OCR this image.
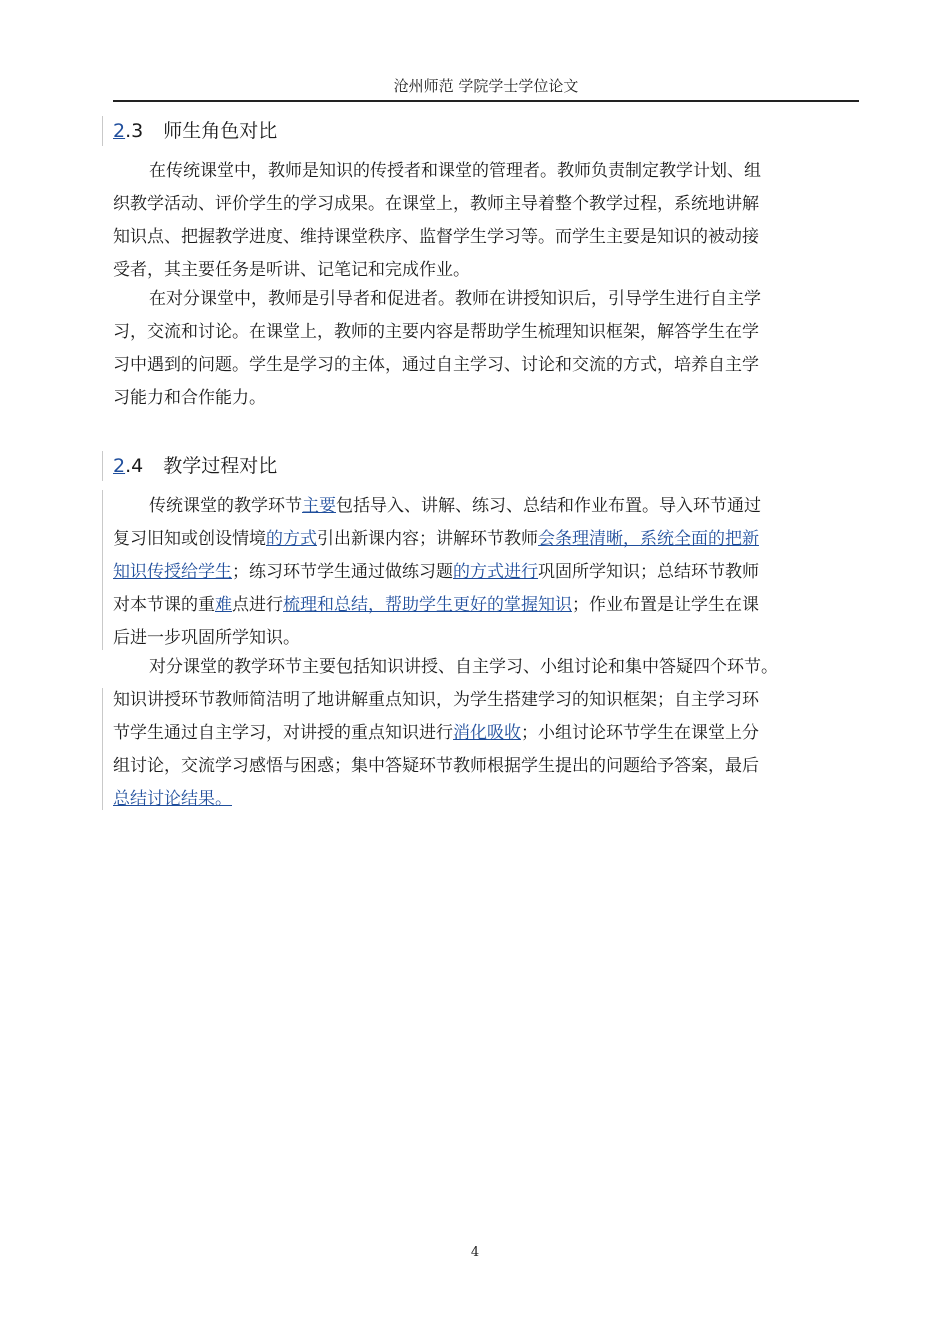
沧州师范 学院学士学位论文
2.3 师生角色对比
在传统课堂中，教师是知识的传授者和课堂的管理者。教师负责制定教学计划、组
织教学活动、评价学生的学习成果。在课堂上，教师主导着整个教学过程，系统地讲解
知识点、把握教学进度、维持课堂秩序、监督学生学习等。而学生主要是知识的被动接
受者，其主要任务是听讲、记笔记和完成作业。
在对分课堂中，教师是引导者和促进者。教师在讲授知识后，引导学生进行自主学
习，交流和讨论。在课堂上，教师的主要内容是帮助学生梳理知识框架，解答学生在学
习中遇到的问题。学生是学习的主体，通过自主学习、讨论和交流的方式，培养自主学
习能力和合作能力。
2.4 教学过程对比
传统课堂的教学环节主要包括导入、讲解、练习、总结和作业布置。导入环节通过
复习旧知或创设情境的方式引出新课内容；讲解环节教师会条理清晰，系统全面的把新
知识传授给学生；练习环节学生通过做练习题的方式进行巩固所学知识；总结环节教师
对本节课的重难点进行梳理和总结，帮助学生更好的掌握知识；作业布置是让学生在课
后进一步巩固所学知识。
对分课堂的教学环节主要包括知识讲授、自主学习、小组讨论和集中答疑四个环节。
知识讲授环节教师简洁明了地讲解重点知识，为学生搭建学习的知识框架；自主学习环
节学生通过自主学习，对讲授的重点知识进行消化吸收；小组讨论环节学生在课堂上分
组讨论，交流学习感悟与困惑；集中答疑环节教师根据学生提出的问题给予答案，最后
总结讨论结果。
4
